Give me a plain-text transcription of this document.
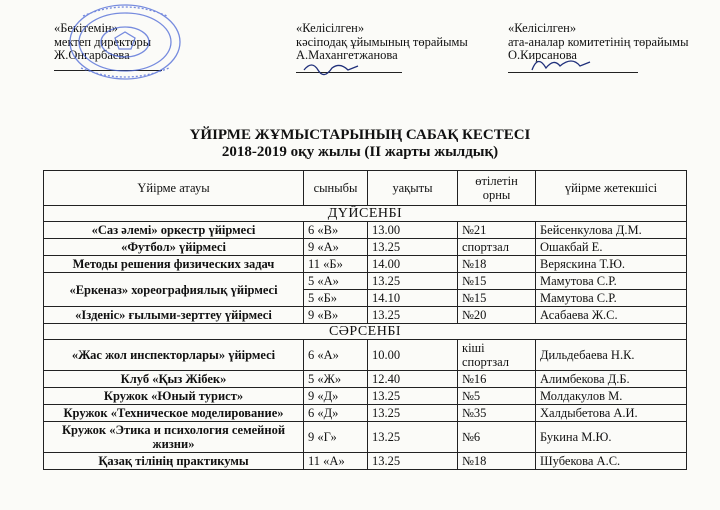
«Бекітемін»
мектеп директоры
Ж.Онгарбаева
«Келісілген»
кәсіподақ ұйымының төрайымы
А.Махангетжанова
«Келісілген»
ата-аналар комитетінің төрайымы
О.Кирсанова
ҮЙІРМЕ ЖҰМЫСТАРЫНЫҢ САБАҚ КЕСТЕСІ
2018-2019 оқу жылы (II жарты жылдық)
Үйірме атауы	сыныбы	уақыты	өтілетін орны	үйірме жетекшісі
ДҮЙСЕНБІ				
«Саз әлемі» оркестр үйірмесі	6 «В»	13.00	№21	Бейсенкулова Д.М.
«Футбол» үйірмесі	9 «А»	13.25	спортзал	Ошакбай Е.
Методы решения физических задач	11 «Б»	14.00	№18	Веряскина Т.Ю.
«Еркеназ» хореографиялық үйірмесі	5 «А»	13.25	№15	Мамутова С.Р.
	5 «Б»	14.10	№15	Мамутова С.Р.
«Ізденіс» ғылыми-зерттеу үйірмесі	9 «В»	13.25	№20	Асабаева Ж.С.
СӘРСЕНБІ				
«Жас жол инспекторлары» үйірмесі	6 «А»	10.00	кіші спортзал	Дильдебаева Н.К.
Клуб «Қыз Жібек»	5 «Ж»	12.40	№16	Алимбекова Д.Б.
Кружок «Юный турист»	9 «Д»	13.25	№5	Молдакулов М.
Кружок «Техническое моделирование»	6 «Д»	13.25	№35	Халдыбетова А.И.
Кружок «Этика и психология семейной жизни»	9 «Г»	13.25	№6	Букина М.Ю.
Қазақ тілінің практикумы	11 «А»	13.25	№18	Шубекова А.С.
